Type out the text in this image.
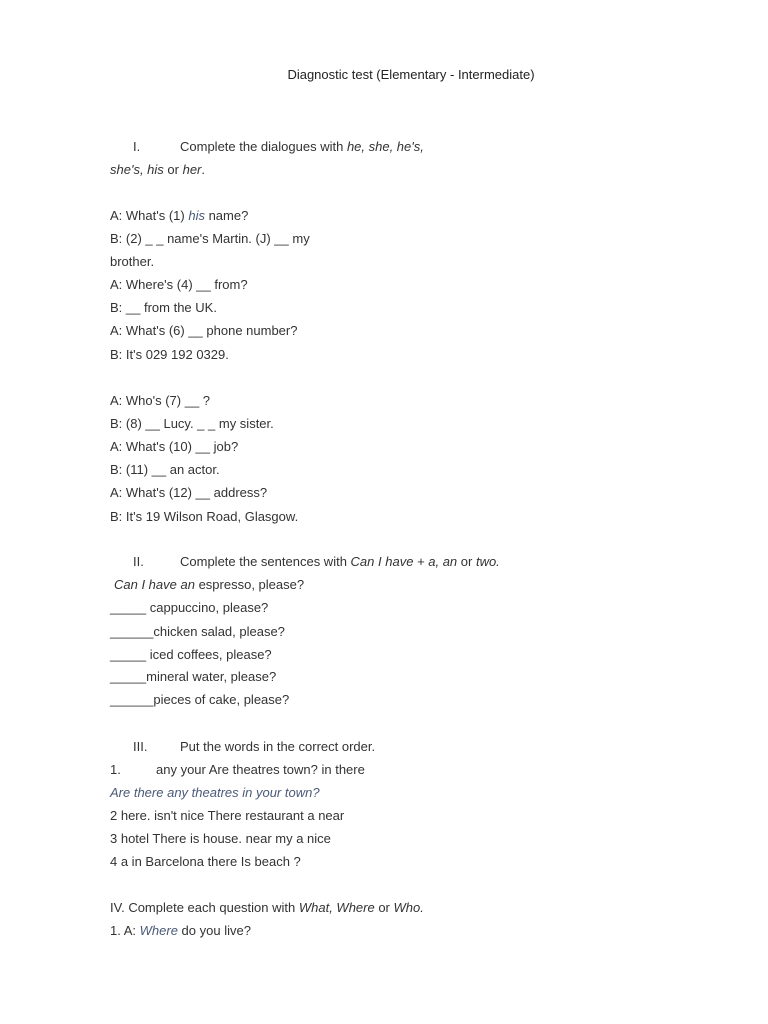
Diagnostic test (Elementary - Intermediate)
I.	Complete the dialogues with he, she, he's,
she's, his or her.
A: What's (1) his name?
B: (2) _ _ name's Martin. (J) __ my
brother.
A: Where's (4) __ from?
B: __ from the UK.
A: What's (6) __ phone number?
B: It's 029 192 0329.
A: Who's (7) __ ?
B: (8) __ Lucy. _ _ my sister.
A: What's (10) __ job?
B: (11) __ an actor.
A: What's (12) __ address?
B: It's 19 Wilson Road, Glasgow.
II.	Complete the sentences with Can I have + a, an or two.
Can I have an espresso, please?
_____ cappuccino, please?
______chicken salad, please?
_____ iced coffees, please?
_____mineral water, please?
______pieces of cake, please?
III.	Put the words in the correct order.
1.	any your Are theatres town? in there
Are there any theatres in your town?
2 here. isn't nice There restaurant a near
3 hotel There is house. near my a nice
4 a in Barcelona there Is beach ?
IV. Complete each question with What, Where or Who.
1. A: Where do you live?
